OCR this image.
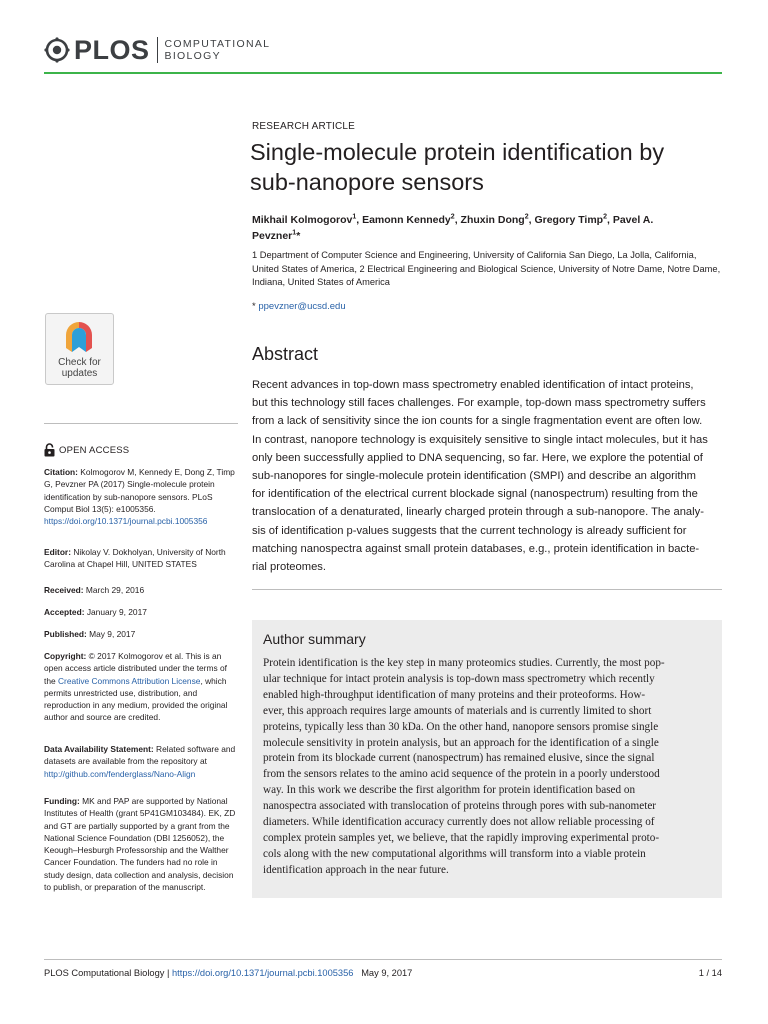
PLOS COMPUTATIONAL
BIOLOGY
RESEARCH ARTICLE
Single-molecule protein identification by sub-nanopore sensors
Mikhail Kolmogorov$^1$, Eamonn Kennedy$^2$, Zhuxin Dong$^2$, Gregory Timp$^2$, Pavel A. Pevzner$^1$*
1 Department of Computer Science and Engineering, University of California San Diego, La Jolla, California, United States of America, 2 Electrical Engineering and Biological Science, University of Notre Dame, Notre Dame, Indiana, United States of America
* ppevzner@ucsd.edu
Check for
updates
Abstract
Recent advances in top-down mass spectrometry enabled identification of intact proteins,
but this technology still faces challenges. For example, top-down mass spectrometry suffers
from a lack of sensitivity since the ion counts for a single fragmentation event are often low.
In contrast, nanopore technology is exquisitely sensitive to single intact molecules, but it has
only been successfully applied to DNA sequencing, so far. Here, we explore the potential of
sub-nanopores for single-molecule protein identification (SMPI) and describe an algorithm
for identification of the electrical current blockade signal (nanospectrum) resulting from the
translocation of a denaturated, linearly charged protein through a sub-nanopore. The analy-
sis of identification p-values suggests that the current technology is already sufficient for
matching nanospectra against small protein databases, e.g., protein identification in bacte-
rial proteomes.
Author summary
Protein identification is the key step in many proteomics studies. Currently, the most pop-
ular technique for intact protein analysis is top-down mass spectrometry which recently
enabled high-throughput identification of many proteins and their proteoforms. How-
ever, this approach requires large amounts of materials and is currently limited to short
proteins, typically less than 30 kDa. On the other hand, nanopore sensors promise single
molecule sensitivity in protein analysis, but an approach for the identification of a single
protein from its blockade current (nanospectrum) has remained elusive, since the signal
from the sensors relates to the amino acid sequence of the protein in a poorly understood
way. In this work we describe the first algorithm for protein identification based on
nanospectra associated with translocation of proteins through pores with sub-nanometer
diameters. While identification accuracy currently does not allow reliable processing of
complex protein samples yet, we believe, that the rapidly improving experimental proto-
cols along with the new computational algorithms will transform into a viable protein
identification approach in the near future.
OPEN ACCESS
Citation: Kolmogorov M, Kennedy E, Dong Z, Timp G, Pevzner PA (2017) Single-molecule protein identification by sub-nanopore sensors. PLoS Comput Biol 13(5): e1005356. https://doi.org/10.1371/journal.pcbi.1005356
Editor: Nikolay V. Dokholyan, University of North Carolina at Chapel Hill, UNITED STATES
Received: March 29, 2016
Accepted: January 9, 2017
Published: May 9, 2017
Copyright: © 2017 Kolmogorov et al. This is an open access article distributed under the terms of the Creative Commons Attribution License, which permits unrestricted use, distribution, and reproduction in any medium, provided the original author and source are credited.
Data Availability Statement: Related software and datasets are available from the repository at http://github.com/fenderglass/Nano-Align
Funding: MK and PAP are supported by National Institutes of Health (grant 5P41GM103484). EK, ZD and GT are partially supported by a grant from the National Science Foundation (DBI 1256052), the Keough–Hesburgh Professorship and the Walther Cancer Foundation. The funders had no role in study design, data collection and analysis, decision to publish, or preparation of the manuscript.
PLOS Computational Biology | https://doi.org/10.1371/journal.pcbi.1005356 May 9, 2017	1 / 14
